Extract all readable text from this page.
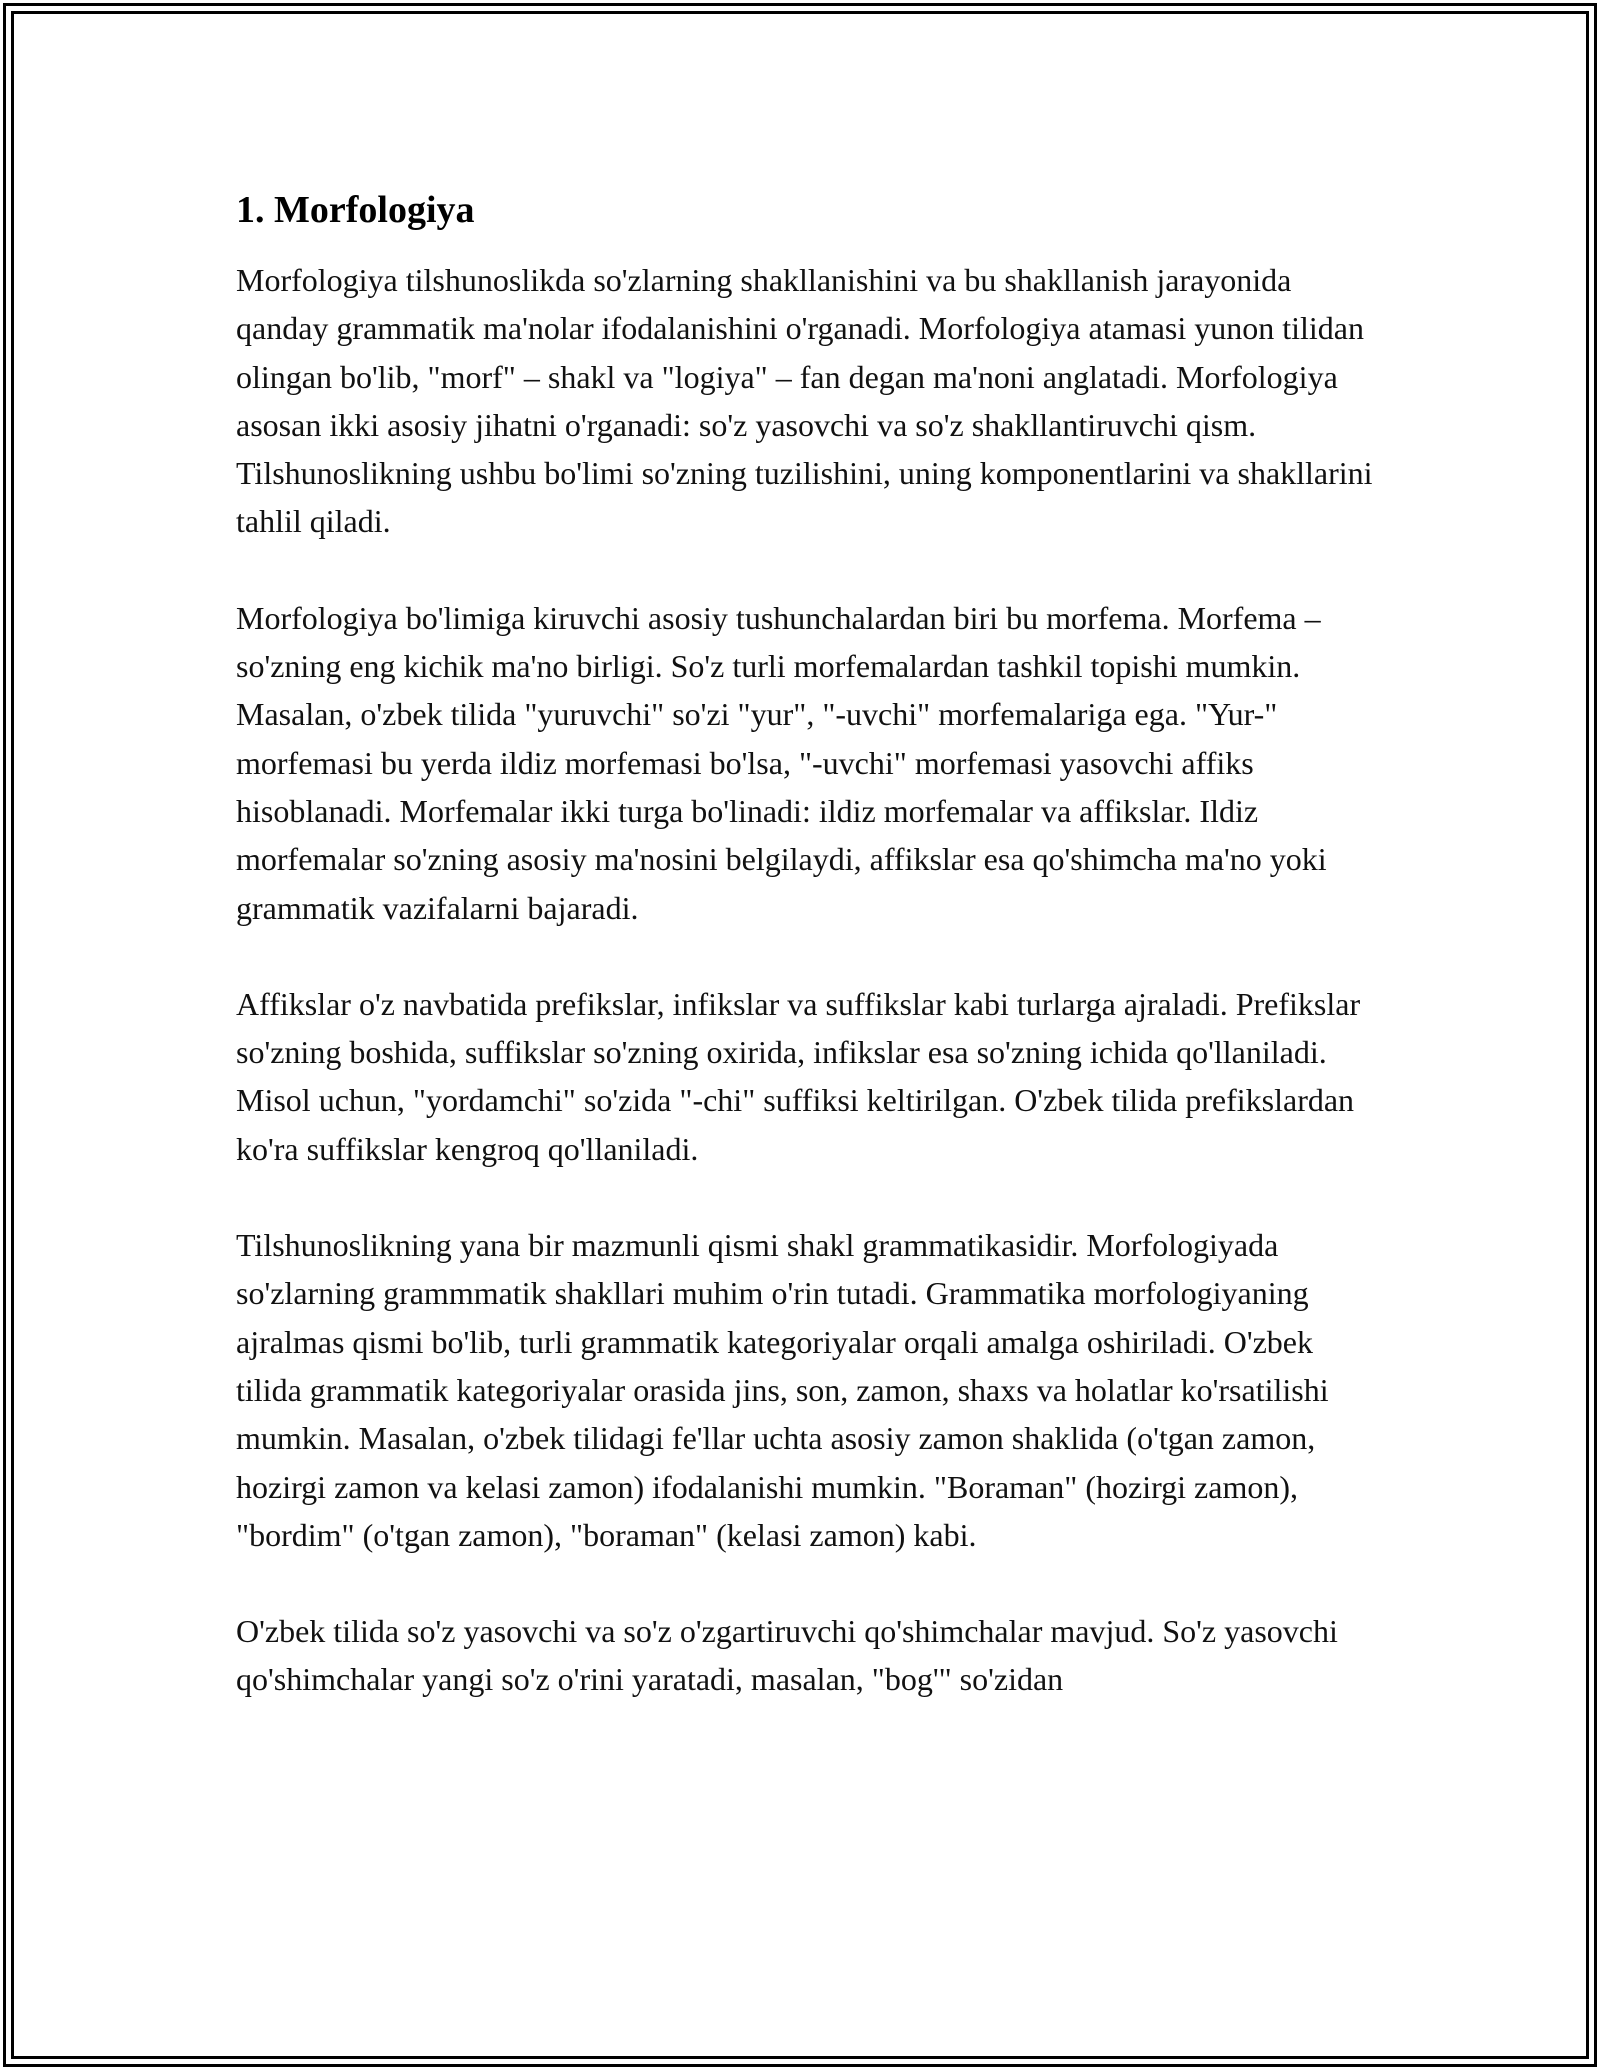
1. Morfologiya

Morfologiya tilshunoslikda so'zlarning shakllanishini va bu shakllanish jarayonida qanday grammatik ma'nolar ifodalanishini o'rganadi. Morfologiya atamasi yunon tilidan olingan bo'lib, "morf" – shakl va "logiya" – fan degan ma'noni anglatadi. Morfologiya asosan ikki asosiy jihatni o'rganadi: so'z yasovchi va so'z shakllantiruvchi qism. Tilshunoslikning ushbu bo'limi so'zning tuzilishini, uning komponentlarini va shakllarini tahlil qiladi.

Morfologiya bo'limiga kiruvchi asosiy tushunchalardan biri bu morfema. Morfema – so'zning eng kichik ma'no birligi. So'z turli morfemalardan tashkil topishi mumkin. Masalan, o'zbek tilida "yuruvchi" so'zi "yur", "-uvchi" morfemalariga ega. "Yur-" morfemasi bu yerda ildiz morfemasi bo'lsa, "-uvchi" morfemasi yasovchi affiks hisoblanadi. Morfemalar ikki turga bo'linadi: ildiz morfemalar va affikslar. Ildiz morfemalar so'zning asosiy ma'nosini belgilaydi, affikslar esa qo'shimcha ma'no yoki grammatik vazifalarni bajaradi.

Affikslar o'z navbatida prefikslar, infikslar va suffikslar kabi turlarga ajraladi. Prefikslar so'zning boshida, suffikslar so'zning oxirida, infikslar esa so'zning ichida qo'llaniladi. Misol uchun, "yordamchi" so'zida "-chi" suffiksi keltirilgan. O'zbek tilida prefikslardan ko'ra suffikslar kengroq qo'llaniladi.

Tilshunoslikning yana bir mazmunli qismi shakl grammatikasidir. Morfologiyada so'zlarning grammmatik shakllari muhim o'rin tutadi. Grammatika morfologiyaning ajralmas qismi bo'lib, turli grammatik kategoriyalar orqali amalga oshiriladi. O'zbek tilida grammatik kategoriyalar orasida jins, son, zamon, shaxs va holatlar ko'rsatilishi mumkin. Masalan, o'zbek tilidagi fe'llar uchta asosiy zamon shaklida (o'tgan zamon, hozirgi zamon va kelasi zamon) ifodalanishi mumkin. "Boraman" (hozirgi zamon), "bordim" (o'tgan zamon), "boraman" (kelasi zamon) kabi.

O'zbek tilida so'z yasovchi va so'z o'zgartiruvchi qo'shimchalar mavjud. So'z yasovchi qo'shimchalar yangi so'z o'rini yaratadi, masalan, "bog'" so'zidan
